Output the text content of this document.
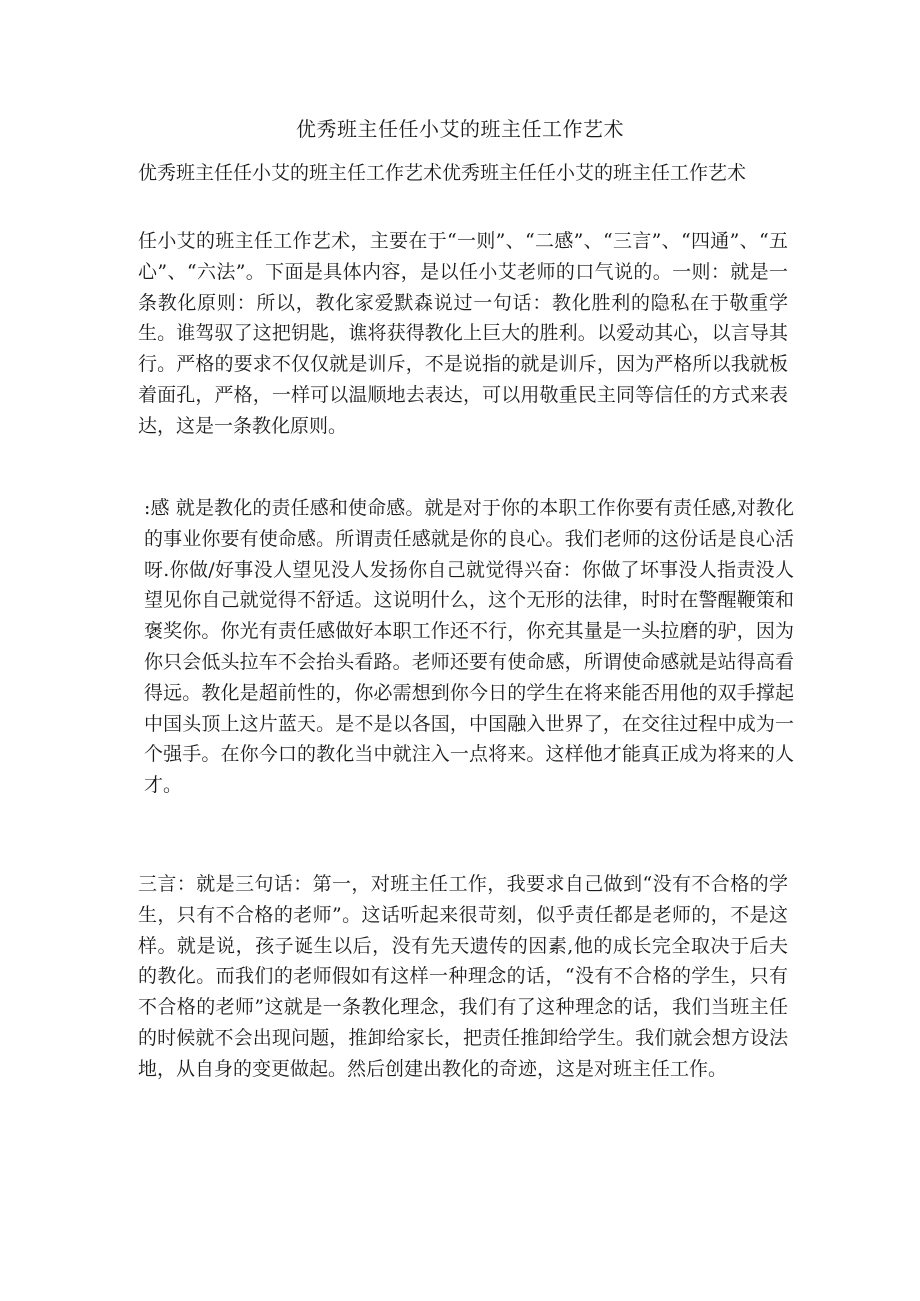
优秀班主任任小艾的班主任工作艺术

优秀班主任任小艾的班主任工作艺术优秀班主任任小艾的班主任工作艺术

任小艾的班主任工作艺术，主要在于“一则”、“二感”、“三言”、“四通”、“五心”、“六法”。下面是具体内容，是以任小艾老师的口气说的。一则：就是一条教化原则：所以，教化家爱默森说过一句话：教化胜利的隐私在于敬重学生。谁驾驭了这把钥匙，谯将获得教化上巨大的胜利。以爱动其心，以言导其行。严格的要求不仅仅就是训斥，不是说指的就是训斥，因为严格所以我就板着面孔，严格，一样可以温顺地去表达，可以用敬重民主同等信任的方式来表达，这是一条教化原则。

:感 就是教化的责任感和使命感。就是对于你的本职工作你要有责任感,对教化的事业你要有使命感。所谓责任感就是你的良心。我们老师的这份话是良心活呀.你做/好事没人望见没人发扬你自己就觉得兴奋：你做了坏事没人指责没人望见你自己就觉得不舒适。这说明什么，这个无形的法律，时时在警醒鞭策和褒奖你。你光有责任感做好本职工作还不行，你充其量是一头拉磨的驴，因为你只会低头拉车不会抬头看路。老师还要有使命感，所谓使命感就是站得高看得远。教化是超前性的，你必需想到你今日的学生在将来能否用他的双手撑起中国头顶上这片蓝天。是不是以各国，中国融入世界了，在交往过程中成为一个强手。在你今口的教化当中就注入一点将来。这样他才能真正成为将来的人才。

三言：就是三句话：第一，对班主任工作，我要求自己做到“没有不合格的学生，只有不合格的老师”。这话听起来很苛刻，似乎责任都是老师的，不是这样。就是说，孩子诞生以后，没有先天遗传的因素,他的成长完全取决于后夫的教化。而我们的老师假如有这样一种理念的话，“没有不合格的学生，只有不合格的老师”这就是一条教化理念，我们有了这种理念的话，我们当班主任的时候就不会出现问题，推卸给家长，把责任推卸给学生。我们就会想方设法地，从自身的变更做起。然后创建出教化的奇迹，这是对班主任工作。
